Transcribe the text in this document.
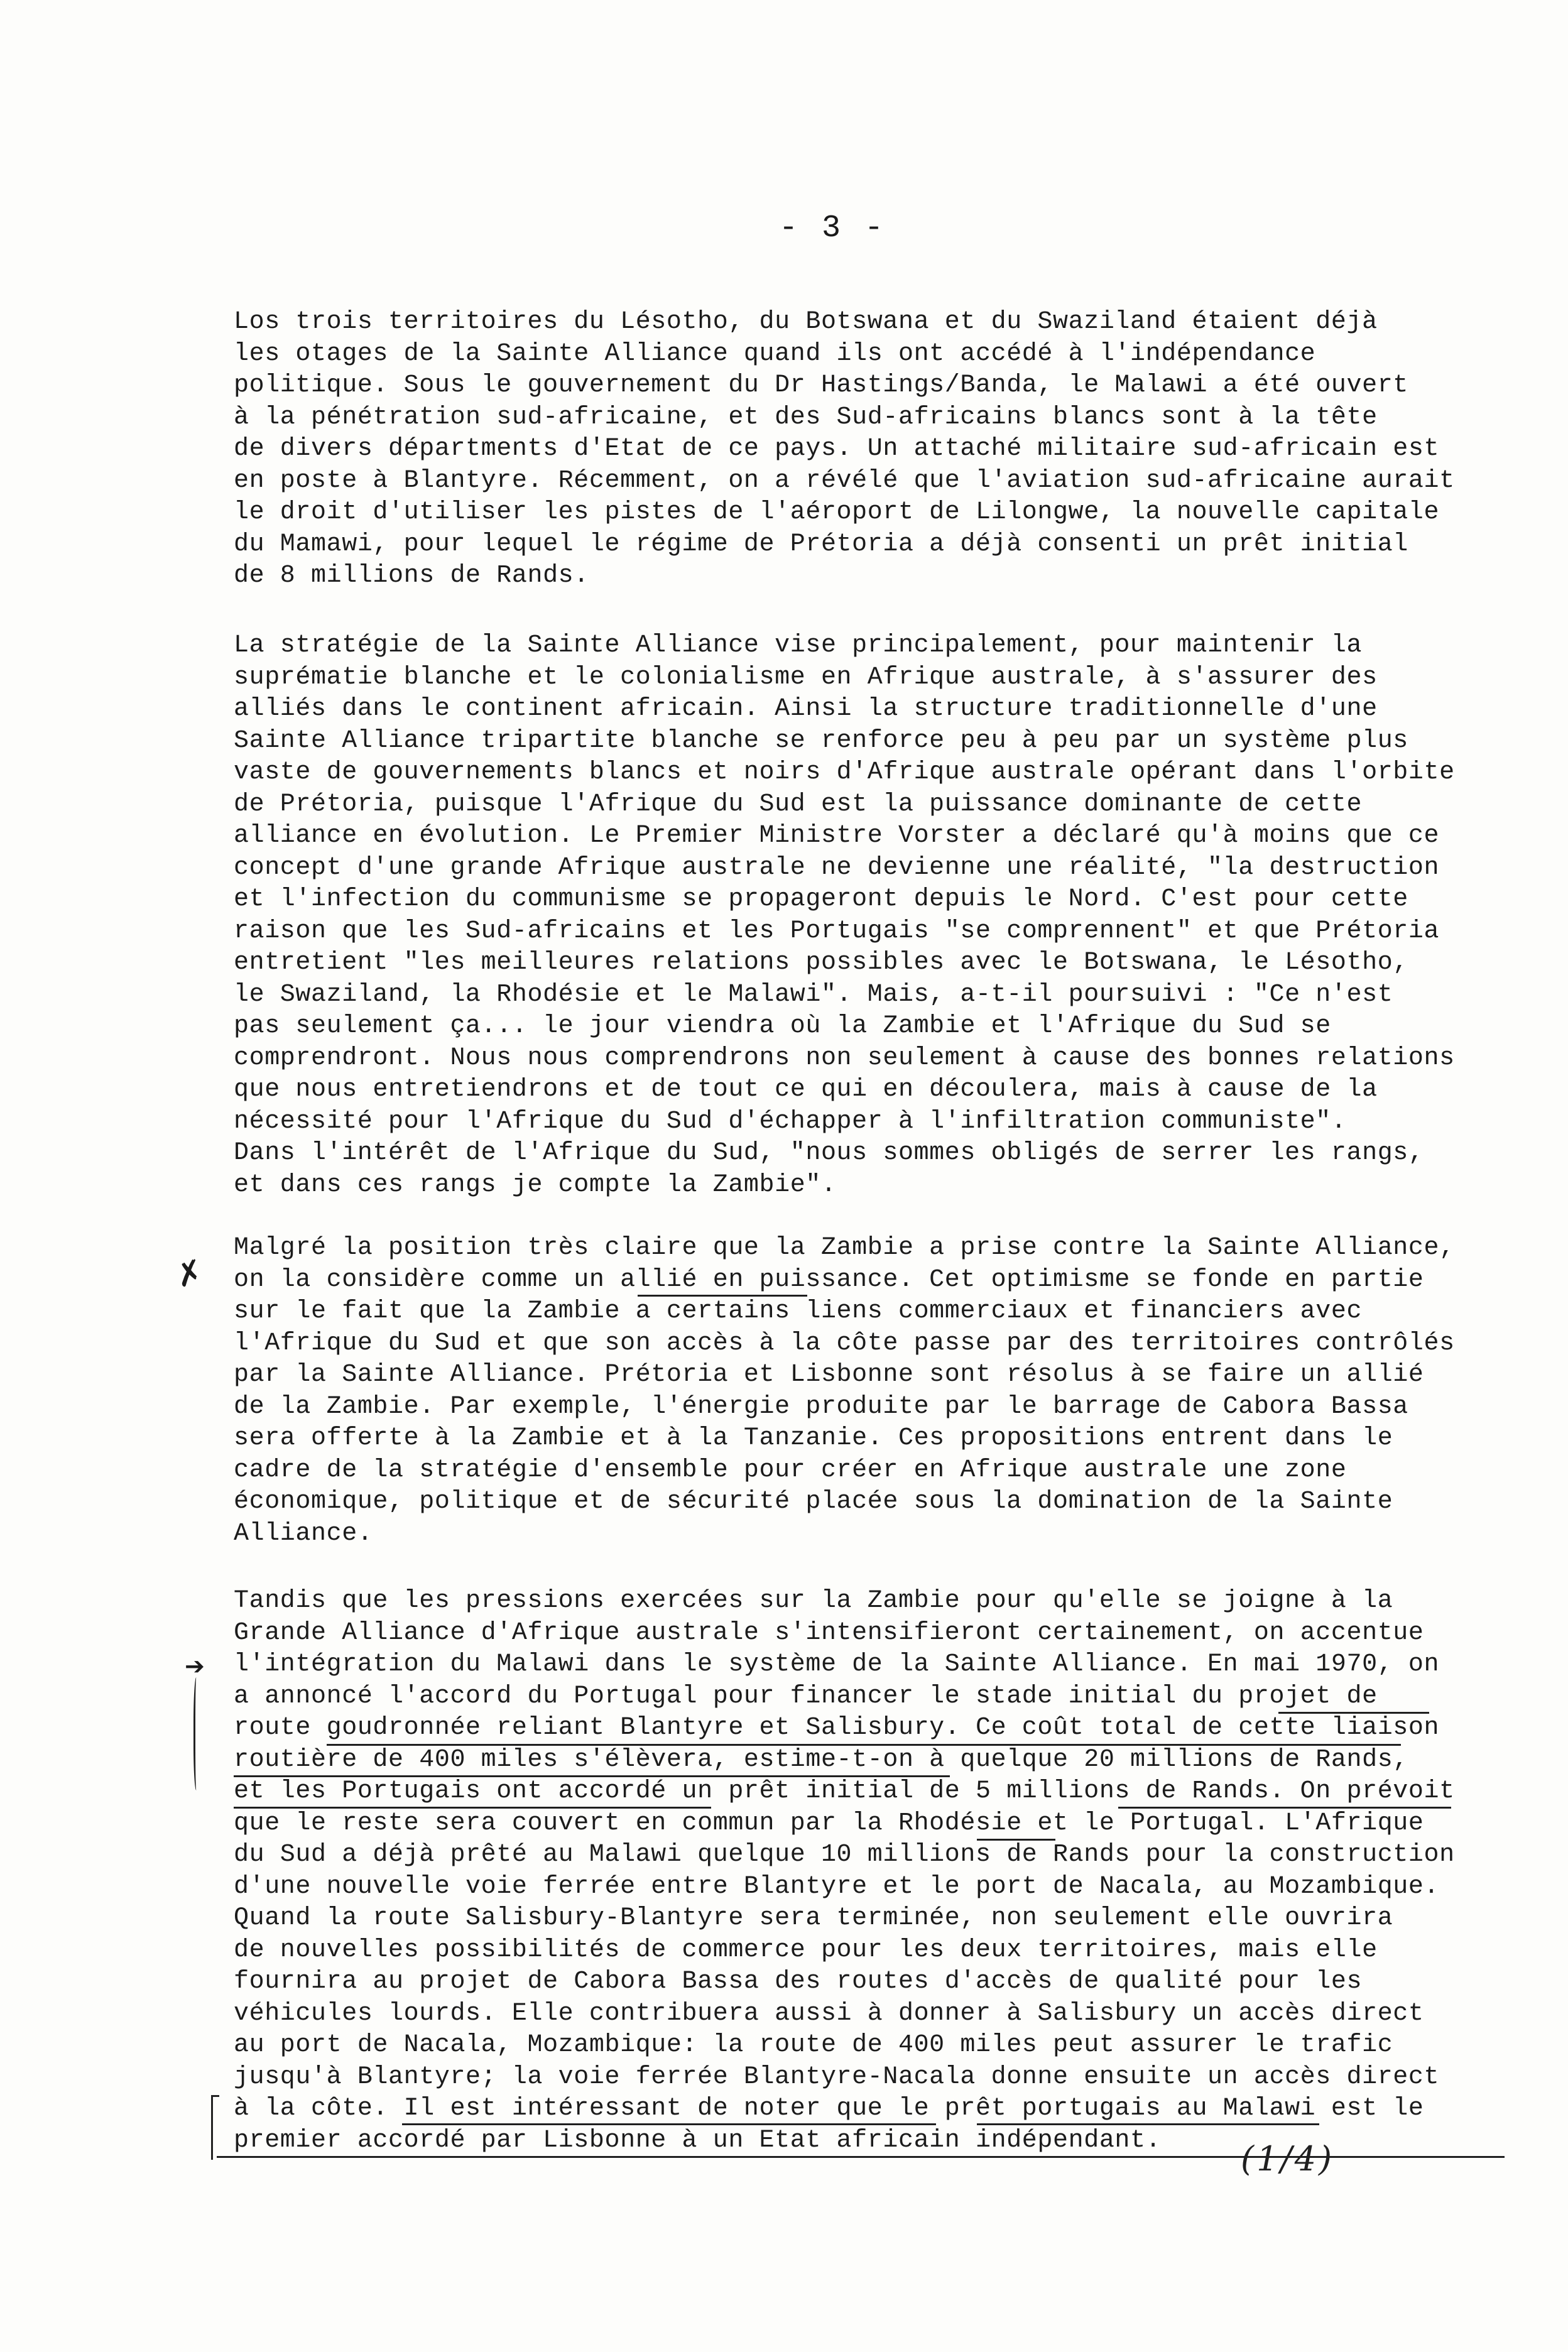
- 3 -
Los trois territoires du Lésotho, du Botswana et du Swaziland étaient déjà
les otages de la Sainte Alliance quand ils ont accédé à l'indépendance
politique. Sous le gouvernement du Dr Hastings/Banda, le Malawi a été ouvert
à la pénétration sud-africaine, et des Sud-africains blancs sont à la tête
de divers départments d'Etat de ce pays. Un attaché militaire sud-africain est
en poste à Blantyre. Récemment, on a révélé que l'aviation sud-africaine aurait
le droit d'utiliser les pistes de l'aéroport de Lilongwe, la nouvelle capitale
du Mamawi, pour lequel le régime de Prétoria a déjà consenti un prêt initial
de 8 millions de Rands.
La stratégie de la Sainte Alliance vise principalement, pour maintenir la
suprématie blanche et le colonialisme en Afrique australe, à s'assurer des
alliés dans le continent africain. Ainsi la structure traditionnelle d'une
Sainte Alliance tripartite blanche se renforce peu à peu par un système plus
vaste de gouvernements blancs et noirs d'Afrique australe opérant dans l'orbite
de Prétoria, puisque l'Afrique du Sud est la puissance dominante de cette
alliance en évolution. Le Premier Ministre Vorster a déclaré qu'à moins que ce
concept d'une grande Afrique australe ne devienne une réalité, "la destruction
et l'infection du communisme se propageront depuis le Nord. C'est pour cette
raison que les Sud-africains et les Portugais "se comprennent" et que Prétoria
entretient "les meilleures relations possibles avec le Botswana, le Lésotho,
le Swaziland, la Rhodésie et le Malawi". Mais, a-t-il poursuivi : "Ce n'est
pas seulement ça... le jour viendra où la Zambie et l'Afrique du Sud se
comprendront. Nous nous comprendrons non seulement à cause des bonnes relations
que nous entretiendrons et de tout ce qui en découlera, mais à cause de la
nécessité pour l'Afrique du Sud d'échapper à l'infiltration communiste".
Dans l'intérêt de l'Afrique du Sud, "nous sommes obligés de serrer les rangs,
et dans ces rangs je compte la Zambie".
Malgré la position très claire que la Zambie a prise contre la Sainte Alliance,
on la considère comme un allié en puissance. Cet optimisme se fonde en partie
sur le fait que la Zambie a certains liens commerciaux et financiers avec
l'Afrique du Sud et que son accès à la côte passe par des territoires contrôlés
par la Sainte Alliance. Prétoria et Lisbonne sont résolus à se faire un allié
de la Zambie. Par exemple, l'énergie produite par le barrage de Cabora Bassa
sera offerte à la Zambie et à la Tanzanie. Ces propositions entrent dans le
cadre de la stratégie d'ensemble pour créer en Afrique australe une zone
économique, politique et de sécurité placée sous la domination de la Sainte
Alliance.
Tandis que les pressions exercées sur la Zambie pour qu'elle se joigne à la
Grande Alliance d'Afrique australe s'intensifieront certainement, on accentue
l'intégration du Malawi dans le système de la Sainte Alliance. En mai 1970, on
a annoncé l'accord du Portugal pour financer le stade initial du projet de
route goudronnée reliant Blantyre et Salisbury. Ce coût total de cette liaison
routière de 400 miles s'élèvera, estime-t-on à quelque 20 millions de Rands,
et les Portugais ont accordé un prêt initial de 5 millions de Rands. On prévoit
que le reste sera couvert en commun par la Rhodésie et le Portugal. L'Afrique
du Sud a déjà prêté au Malawi quelque 10 millions de Rands pour la construction
d'une nouvelle voie ferrée entre Blantyre et le port de Nacala, au Mozambique.
Quand la route Salisbury-Blantyre sera terminée, non seulement elle ouvrira
de nouvelles possibilités de commerce pour les deux territoires, mais elle
fournira au projet de Cabora Bassa des routes d'accès de qualité pour les
véhicules lourds. Elle contribuera aussi à donner à Salisbury un accès direct
au port de Nacala, Mozambique: la route de 400 miles peut assurer le trafic
jusqu'à Blantyre; la voie ferrée Blantyre-Nacala donne ensuite un accès direct
à la côte. Il est intéressant de noter que le prêt portugais au Malawi est le
premier accordé par Lisbonne à un Etat africain indépendant.
✗
➔
(1/4)
